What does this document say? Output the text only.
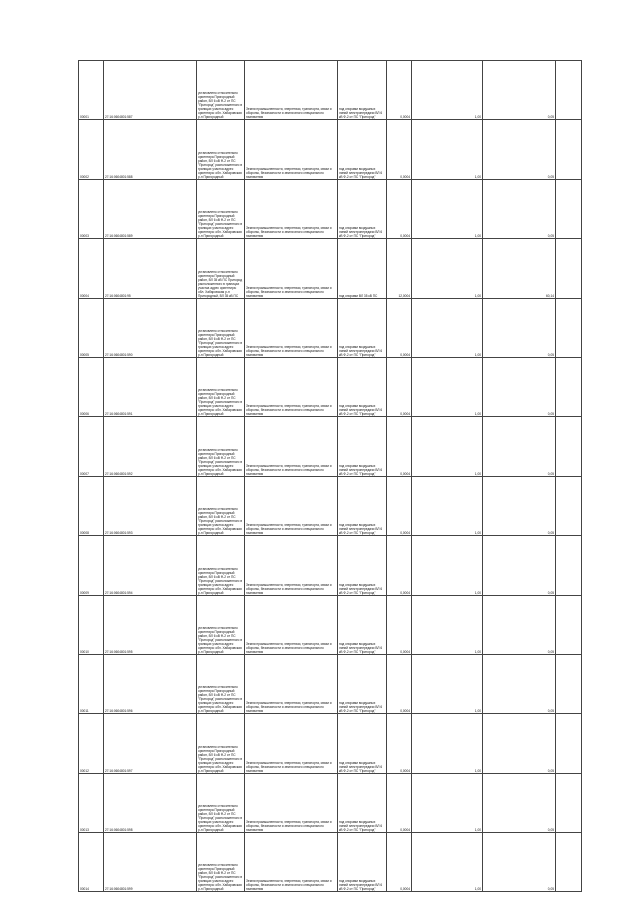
00001	27:16:0604801:587	установлено относительно ориентира Пригородный район, ВЛ 6 кВ Ф-2 от ПС "Пригород" расположенного в границах участка адрес ориентира: обл. Хабаровская р-н Пригородный	Земли промышленности, энергетики, транспорта, связи и обороны, безопасности и земли иного специального назначения	под опорами воздушных линий электропередачи ВЛ 6 кВ Ф-2 от ПС "Пригород"	0,0004	1,00	0,05	
00002	27:16:0604801:588	установлено относительно ориентира Пригородный район, ВЛ 6 кВ Ф-2 от ПС "Пригород" расположенного в границах участка адрес ориентира: обл. Хабаровская р-н Пригородный	Земли промышленности, энергетики, транспорта, связи и обороны, безопасности и земли иного специального назначения	под опорами воздушных линий электропередачи ВЛ 6 кВ Ф-2 от ПС "Пригород"	0,0004	1,00	0,05	
00003	27:16:0604801:589	установлено относительно ориентира Пригородный район, ВЛ 6 кВ Ф-2 от ПС "Пригород" расположенного в границах участка адрес ориентира: обл. Хабаровская р-н Пригородный	Земли промышленности, энергетики, транспорта, связи и обороны, безопасности и земли иного специального назначения	под опорами воздушных линий электропередачи ВЛ 6 кВ Ф-2 от ПС "Пригород"	0,0004	1,00	0,05	
00004	27:16:0604801:95	установлено относительно ориентира Пригородный район, ВЛ 35 кВ ПС Пригород расположенного в границах участка адрес ориентира: обл. Хабаровская р-н Пригородный, ВЛ 35 кВ ПС	Земли промышленности, энергетики, транспорта, связи и обороны, безопасности и земли иного специального назначения	под опорами ВЛ 35 кВ ПС	12,0004	1,00	60,14	
00005	27:16:0604801:590	установлено относительно ориентира Пригородный район, ВЛ 6 кВ Ф-2 от ПС "Пригород" расположенного в границах участка адрес ориентира: обл. Хабаровская р-н Пригородный	Земли промышленности, энергетики, транспорта, связи и обороны, безопасности и земли иного специального назначения	под опорами воздушных линий электропередачи ВЛ 6 кВ Ф-2 от ПС "Пригород"	0,0004	1,00	0,05	
00006	27:16:0604801:591	установлено относительно ориентира Пригородный район, ВЛ 6 кВ Ф-2 от ПС "Пригород" расположенного в границах участка адрес ориентира: обл. Хабаровская р-н Пригородный	Земли промышленности, энергетики, транспорта, связи и обороны, безопасности и земли иного специального назначения	под опорами воздушных линий электропередачи ВЛ 6 кВ Ф-2 от ПС "Пригород"	0,0004	1,00	0,05	
00007	27:16:0604801:592	установлено относительно ориентира Пригородный район, ВЛ 6 кВ Ф-2 от ПС "Пригород" расположенного в границах участка адрес ориентира: обл. Хабаровская р-н Пригородный	Земли промышленности, энергетики, транспорта, связи и обороны, безопасности и земли иного специального назначения	под опорами воздушных линий электропередачи ВЛ 6 кВ Ф-2 от ПС "Пригород"	0,0004	1,00	0,05	
00008	27:16:0604801:593	установлено относительно ориентира Пригородный район, ВЛ 6 кВ Ф-2 от ПС "Пригород" расположенного в границах участка адрес ориентира: обл. Хабаровская р-н Пригородный	Земли промышленности, энергетики, транспорта, связи и обороны, безопасности и земли иного специального назначения	под опорами воздушных линий электропередачи ВЛ 6 кВ Ф-2 от ПС "Пригород"	0,0004	1,00	0,05	
00009	27:16:0604801:594	установлено относительно ориентира Пригородный район, ВЛ 6 кВ Ф-2 от ПС "Пригород" расположенного в границах участка адрес ориентира: обл. Хабаровская р-н Пригородный	Земли промышленности, энергетики, транспорта, связи и обороны, безопасности и земли иного специального назначения	под опорами воздушных линий электропередачи ВЛ 6 кВ Ф-2 от ПС "Пригород"	0,0004	1,00	0,05	
00010	27:16:0604801:595	установлено относительно ориентира Пригородный район, ВЛ 6 кВ Ф-2 от ПС "Пригород" расположенного в границах участка адрес ориентира: обл. Хабаровская р-н Пригородный	Земли промышленности, энергетики, транспорта, связи и обороны, безопасности и земли иного специального назначения	под опорами воздушных линий электропередачи ВЛ 6 кВ Ф-2 от ПС "Пригород"	0,0004	1,00	0,05	
00011	27:16:0604801:596	установлено относительно ориентира Пригородный район, ВЛ 6 кВ Ф-2 от ПС "Пригород" расположенного в границах участка адрес ориентира: обл. Хабаровская р-н Пригородный	Земли промышленности, энергетики, транспорта, связи и обороны, безопасности и земли иного специального назначения	под опорами воздушных линий электропередачи ВЛ 6 кВ Ф-2 от ПС "Пригород"	0,0004	1,00	0,05	
00012	27:16:0604801:597	установлено относительно ориентира Пригородный район, ВЛ 6 кВ Ф-2 от ПС "Пригород" расположенного в границах участка адрес ориентира: обл. Хабаровская р-н Пригородный	Земли промышленности, энергетики, транспорта, связи и обороны, безопасности и земли иного специального назначения	под опорами воздушных линий электропередачи ВЛ 6 кВ Ф-2 от ПС "Пригород"	0,0004	1,00	0,05	
00013	27:16:0604801:598	установлено относительно ориентира Пригородный район, ВЛ 6 кВ Ф-2 от ПС "Пригород" расположенного в границах участка адрес ориентира: обл. Хабаровская р-н Пригородный	Земли промышленности, энергетики, транспорта, связи и обороны, безопасности и земли иного специального назначения	под опорами воздушных линий электропередачи ВЛ 6 кВ Ф-2 от ПС "Пригород"	0,0004	1,00	0,05	
00014	27:16:0604801:599	установлено относительно ориентира Пригородный район, ВЛ 6 кВ Ф-2 от ПС "Пригород" расположенного в границах участка адрес ориентира: обл. Хабаровская р-н Пригородный	Земли промышленности, энергетики, транспорта, связи и обороны, безопасности и земли иного специального назначения	под опорами воздушных линий электропередачи ВЛ 6 кВ Ф-2 от ПС "Пригород"	0,0004	1,00	0,05	
